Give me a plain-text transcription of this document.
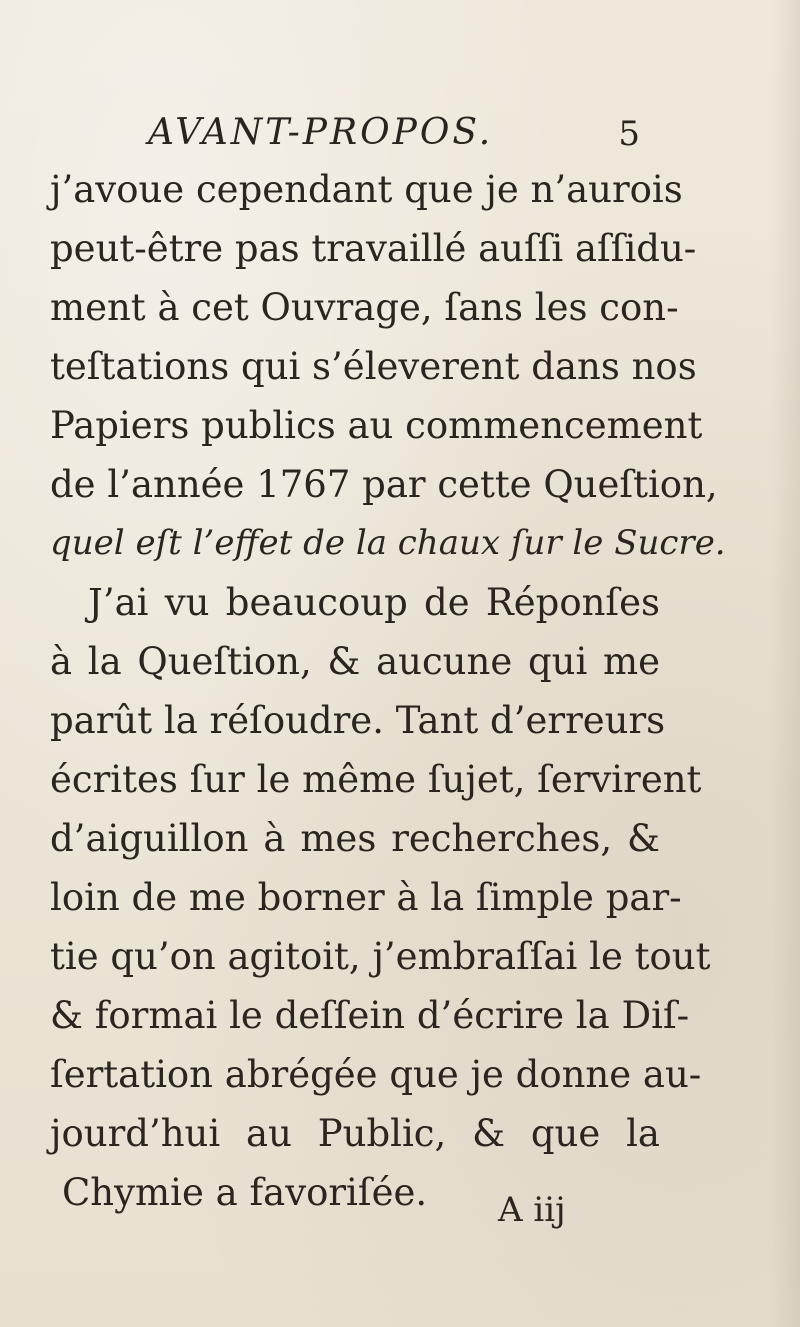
AVANT-PROPOS.	5
j’avoue cependant que je n’aurois
peut-être pas travaillé auſſi aſſidu-
ment à cet Ouvrage, ſans les con-
teſtations qui s’éleverent dans nos
Papiers publics au commencement
de l’année 1767 par cette Queſtion,
quel eſt l’effet de la chaux ſur le Sucre.
J’ai vu beaucoup de Réponſes
à la Queſtion, & aucune qui me
parût la réſoudre. Tant d’erreurs
écrites ſur le même ſujet, ſervirent
d’aiguillon à mes recherches, &
loin de me borner à la ſimple par-
tie qu’on agitoit, j’embraſſai le tout
& formai le deſſein d’écrire la Diſ-
ſertation abrégée que je donne au-
jourd’hui au Public, & que la
Chymie a favoriſée.	A iij
